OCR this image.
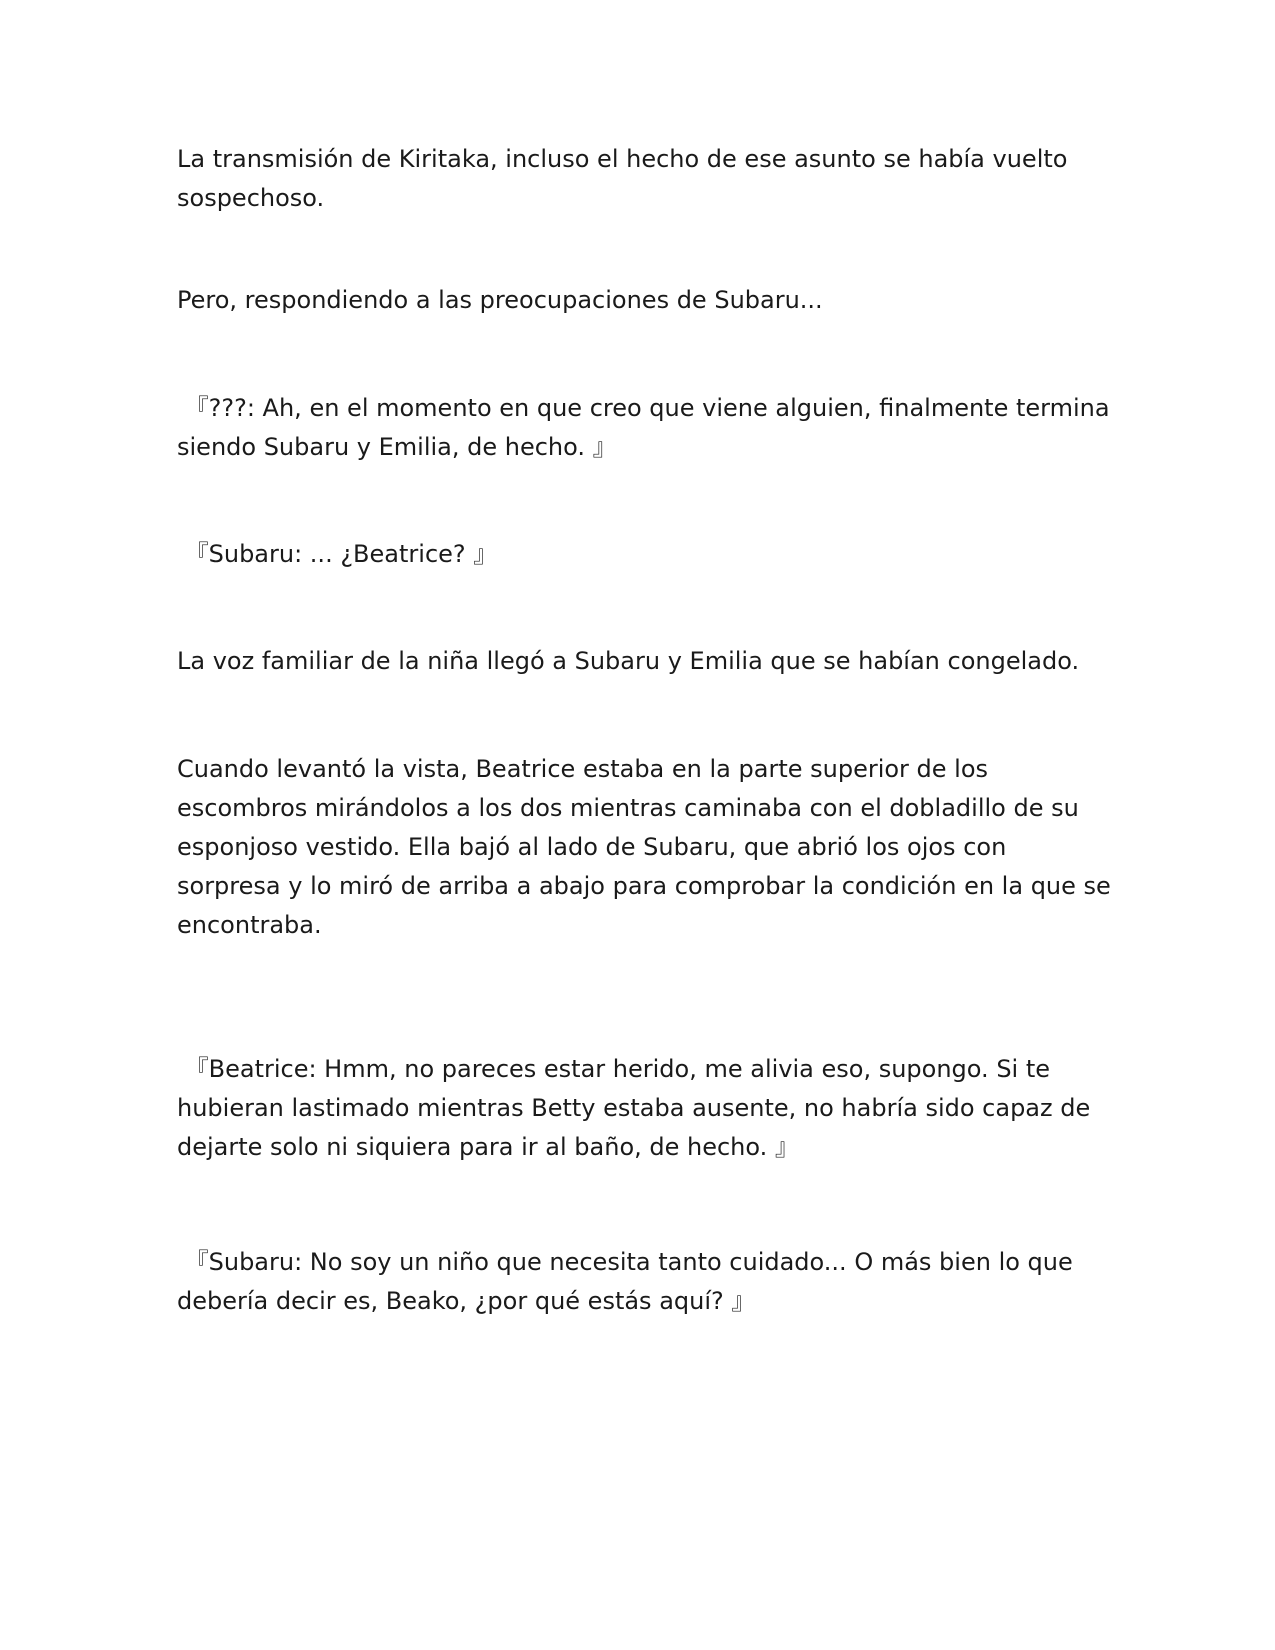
La transmisión de Kiritaka, incluso el hecho de ese asunto se había vuelto
sospechoso.

Pero, respondiendo a las preocupaciones de Subaru...

『???: Ah, en el momento en que creo que viene alguien, finalmente termina
siendo Subaru y Emilia, de hecho. 』

『Subaru: ... ¿Beatrice? 』

La voz familiar de la niña llegó a Subaru y Emilia que se habían congelado.

Cuando levantó la vista, Beatrice estaba en la parte superior de los
escombros mirándolos a los dos mientras caminaba con el dobladillo de su
esponjoso vestido. Ella bajó al lado de Subaru, que abrió los ojos con
sorpresa y lo miró de arriba a abajo para comprobar la condición en la que se
encontraba.

『Beatrice: Hmm, no pareces estar herido, me alivia eso, supongo. Si te
hubieran lastimado mientras Betty estaba ausente, no habría sido capaz de
dejarte solo ni siquiera para ir al baño, de hecho. 』

『Subaru: No soy un niño que necesita tanto cuidado... O más bien lo que
debería decir es, Beako, ¿por qué estás aquí? 』
